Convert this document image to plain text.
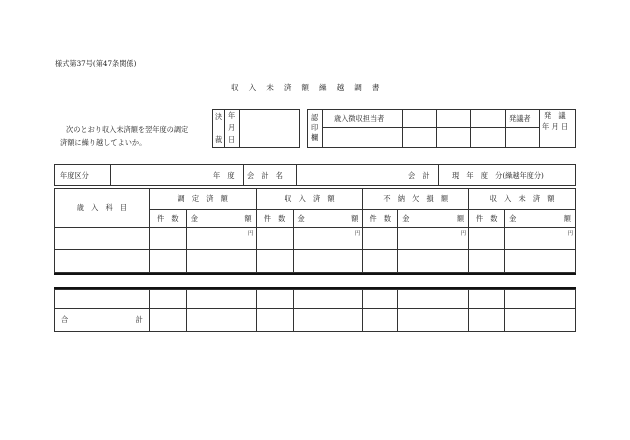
様式第37号(第47条関係)
収 入 未 済 額 繰 越 調 書
次のとおり収入未済額を翌年度の調定
済額に繰り越してよいか。
決
裁
年
月
日
認
印
欄
歳入徴収担当者	発議者 発　議
年 月 日
年度区分	年　度 会　計　名	会　計	現　年　度　分(繰越年度分)
歳　入　科　目	調　定　済　額		収　入　済　額		不　納　欠　損　額		収　入　未　済　額	
	件　数	金 額	件　数	金 額	件　数	金 額	件　数	金 額

		円		円		円		円

合 計								
